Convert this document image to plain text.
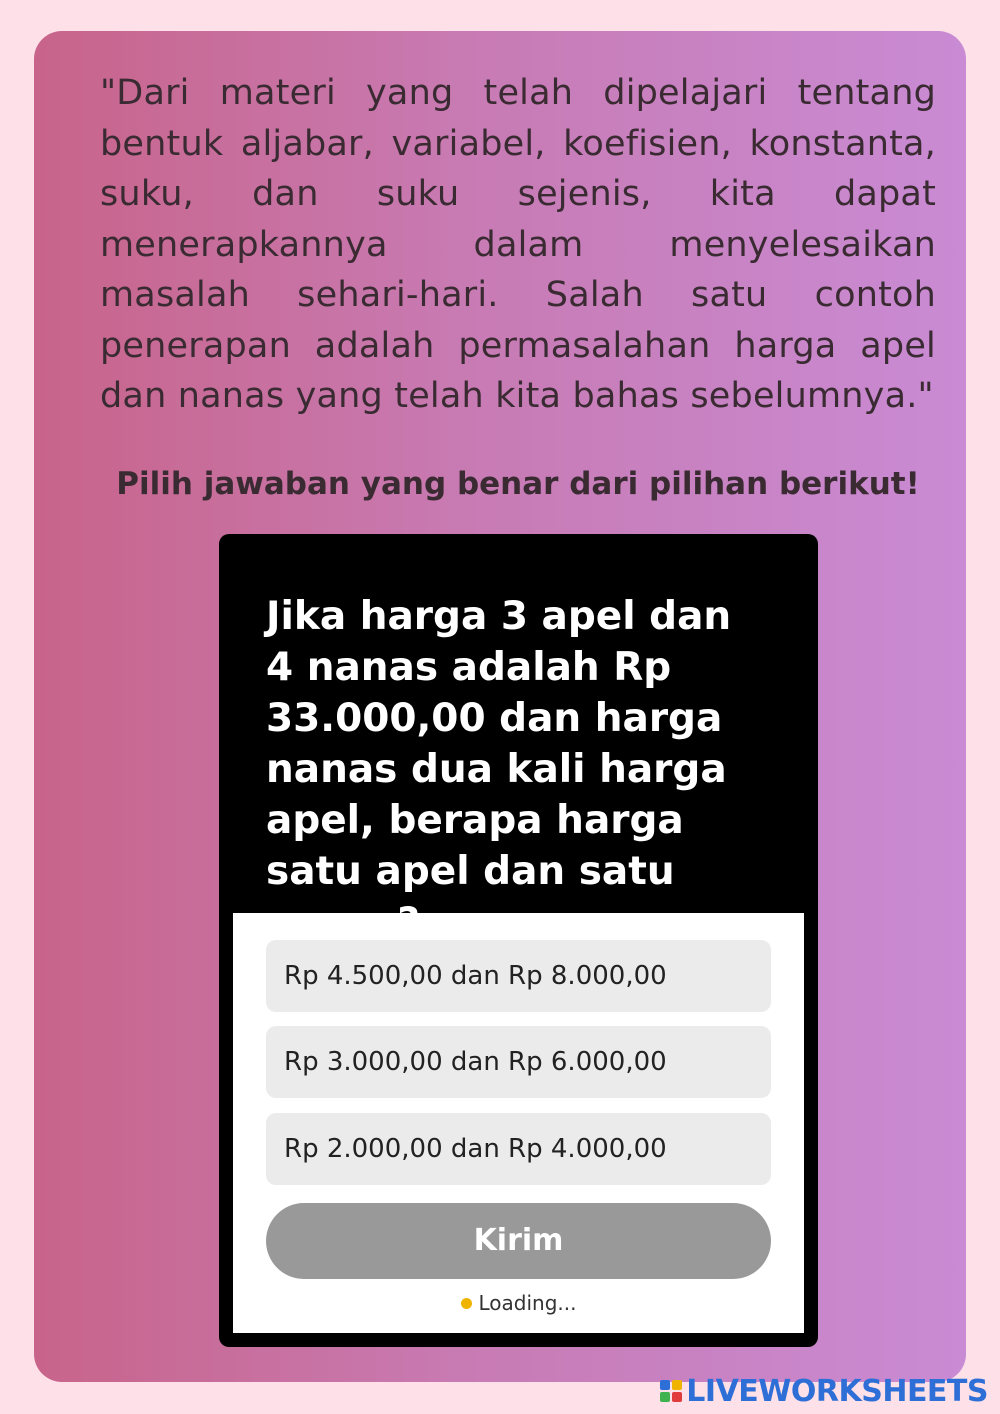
"Dari materi yang telah dipelajari tentang bentuk aljabar, variabel, koefisien, konstanta, suku, dan suku sejenis, kita dapat menerapkannya dalam menyelesaikan masalah sehari-hari. Salah satu contoh penerapan adalah permasalahan harga apel dan nanas yang telah kita bahas sebelumnya."

Pilih jawaban yang benar dari pilihan berikut!

Jika harga 3 apel dan 4 nanas adalah Rp 33.000,00 dan harga nanas dua kali harga apel, berapa harga satu apel dan satu

Rp 4.500,00 dan Rp 8.000,00
Rp 3.000,00 dan Rp 6.000,00
Rp 2.000,00 dan Rp 4.000,00
Kirim
Loading...
LIVEWORKSHEETS
